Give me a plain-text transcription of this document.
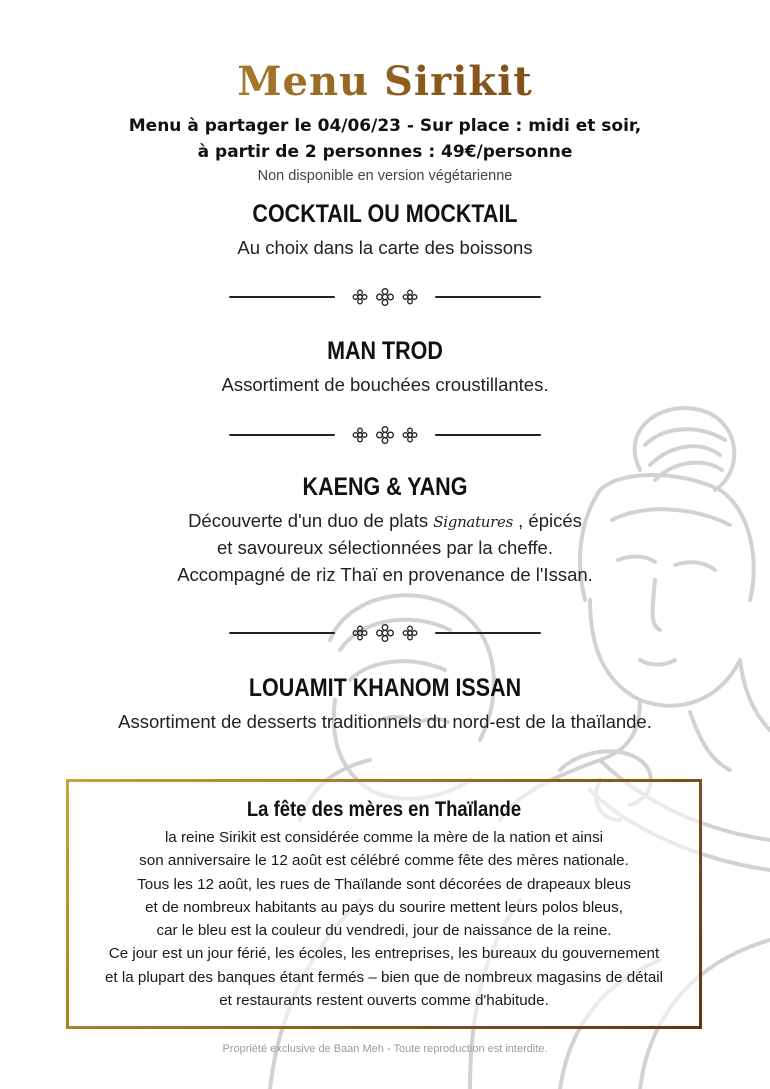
Menu Sirikit
Menu à partager le 04/06/23 - Sur place : midi et soir,
à partir de 2 personnes : 49€/personne
Non disponible en version végétarienne
COCKTAIL OU MOCKTAIL
Au choix dans la carte des boissons
MAN TROD
Assortiment de bouchées croustillantes.
KAENG & YANG
Découverte d'un duo de plats Signatures , épicés
et savoureux sélectionnées par la cheffe.
Accompagné de riz Thaï en provenance de l'Issan.
LOUAMIT KHANOM ISSAN
Assortiment de desserts traditionnels du nord-est de la thaïlande.
La fête des mères en Thaïlande
la reine Sirikit est considérée comme la mère de la nation et ainsi
son anniversaire le 12 août est célébré comme fête des mères nationale.
Tous les 12 août, les rues de Thaïlande sont décorées de drapeaux bleus
et de nombreux habitants au pays du sourire mettent leurs polos bleus,
car le bleu est la couleur du vendredi, jour de naissance de la reine.
Ce jour est un jour férié, les écoles, les entreprises, les bureaux du gouvernement
et la plupart des banques étant fermés – bien que de nombreux magasins de détail
et restaurants restent ouverts comme d'habitude.
Propriété exclusive de Baan Meh - Toute reproduction est interdite.
